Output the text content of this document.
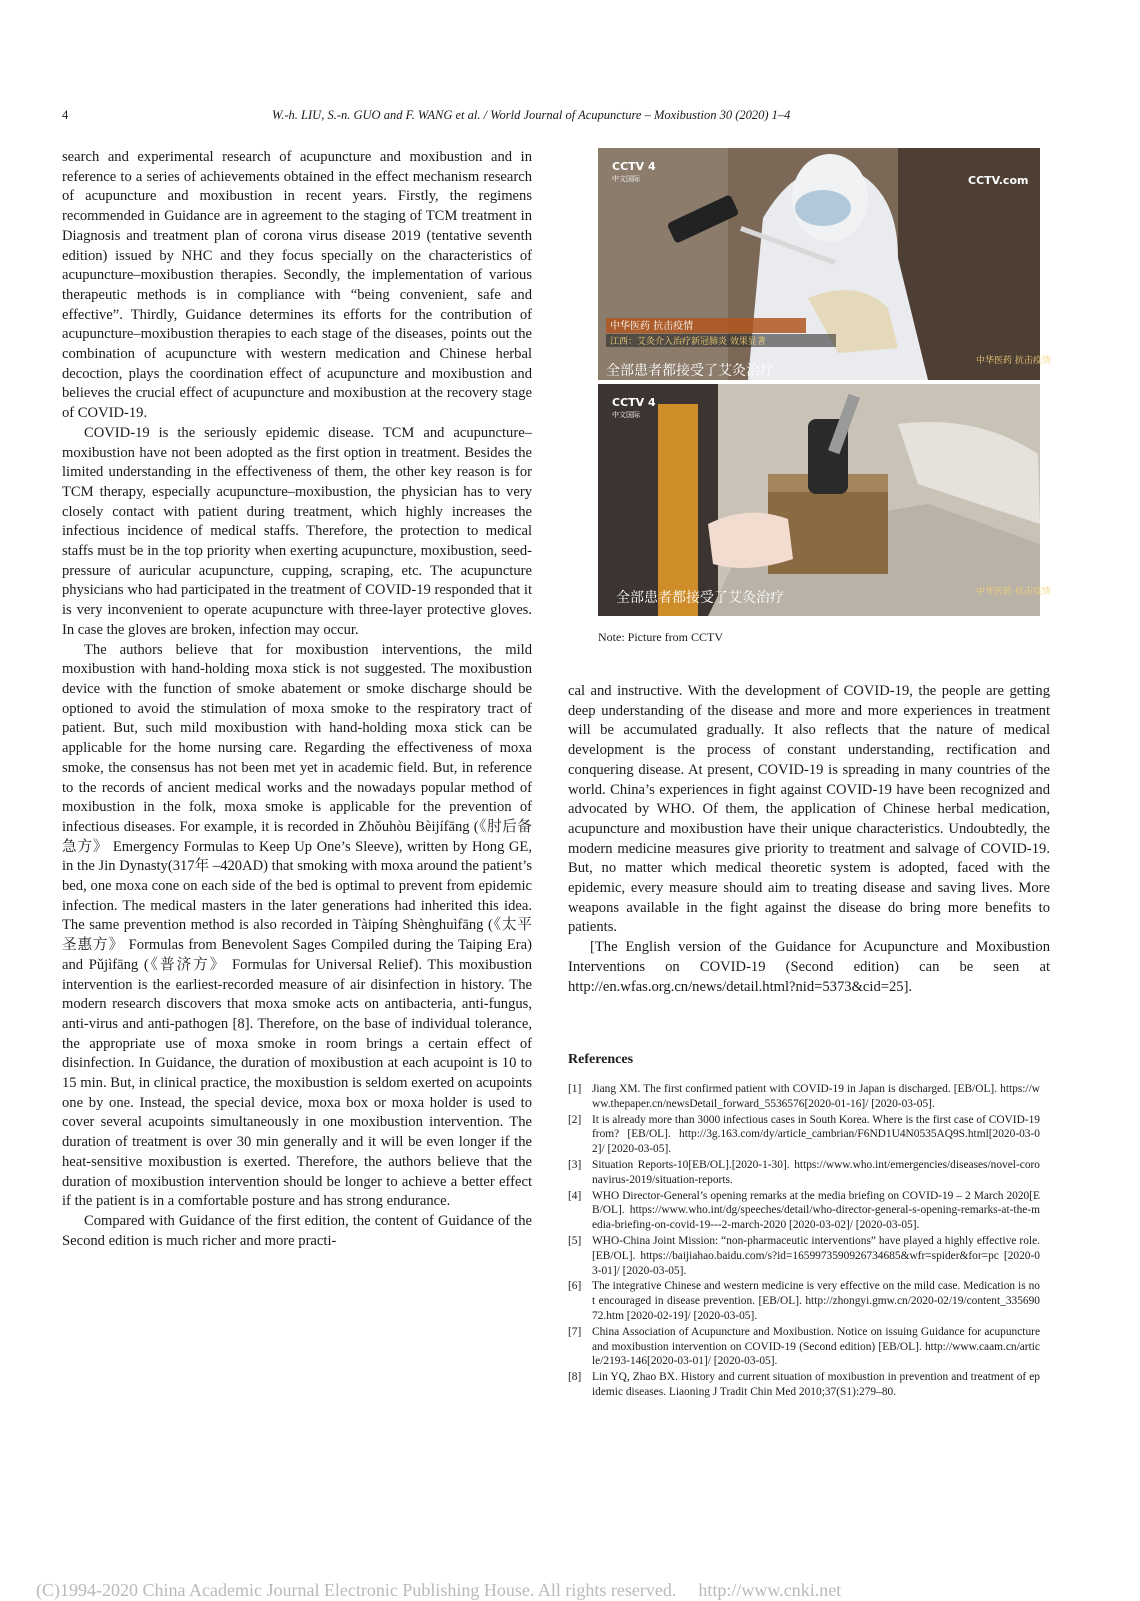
4	W.-h. LIU, S.-n. GUO and F. WANG et al. / World Journal of Acupuncture – Moxibustion 30 (2020) 1–4

search and experimental research of acupuncture and moxibustion and in reference to a series of achievements obtained in the effect mechanism research of acupuncture and moxibustion in recent years. Firstly, the regimens recommended in Guidance are in agreement to the staging of TCM treatment in Diagnosis and treatment plan of corona virus disease 2019 (tentative seventh edition) issued by NHC and they focus specially on the characteristics of acupuncture–moxibustion therapies. Secondly, the implementation of various therapeutic methods is in compliance with “being convenient, safe and effective”. Thirdly, Guidance determines its efforts for the contribution of acupuncture–moxibustion therapies to each stage of the diseases, points out the combination of acupuncture with western medication and Chinese herbal decoction, plays the coordination effect of acupuncture and moxibustion and believes the crucial effect of acupuncture and moxibustion at the recovery stage of COVID-19.

COVID-19 is the seriously epidemic disease. TCM and acupuncture–moxibustion have not been adopted as the first option in treatment. Besides the limited understanding in the effectiveness of them, the other key reason is for TCM therapy, especially acupuncture–moxibustion, the physician has to very closely contact with patient during treatment, which highly increases the infectious incidence of medical staffs. Therefore, the protection to medical staffs must be in the top priority when exerting acupuncture, moxibustion, seed-pressure of auricular acupuncture, cupping, scraping, etc. The acupuncture physicians who had participated in the treatment of COVID-19 responded that it is very inconvenient to operate acupuncture with three-layer protective gloves. In case the gloves are broken, infection may occur.

The authors believe that for moxibustion interventions, the mild moxibustion with hand-holding moxa stick is not suggested. The moxibustion device with the function of smoke abatement or smoke discharge should be optioned to avoid the stimulation of moxa smoke to the respiratory tract of patient. But, such mild moxibustion with hand-holding moxa stick can be applicable for the home nursing care. Regarding the effectiveness of moxa smoke, the consensus has not been met yet in academic field. But, in reference to the records of ancient medical works and the nowadays popular method of moxibustion in the folk, moxa smoke is applicable for the prevention of infectious diseases. For example, it is recorded in Zhǒuhòu Bèijífāng (《肘后备急方》 Emergency Formulas to Keep Up One’s Sleeve), written by Hong GE, in the Jin Dynasty(317年 –420AD) that smoking with moxa around the patient’s bed, one moxa cone on each side of the bed is optimal to prevent from epidemic infection. The medical masters in the later generations had inherited this idea. The same prevention method is also recorded in Tàipíng Shènghuìfāng (《太平圣惠方》 Formulas from Benevolent Sages Compiled during the Taiping Era) and Pǔjìfāng (《普济方》 Formulas for Universal Relief). This moxibustion intervention is the earliest-recorded measure of air disinfection in history. The modern research discovers that moxa smoke acts on antibacteria, anti-fungus, anti-virus and anti-pathogen [8]. Therefore, on the base of individual tolerance, the appropriate use of moxa smoke in room brings a certain effect of disinfection. In Guidance, the duration of moxibustion at each acupoint is 10 to 15 min. But, in clinical practice, the moxibustion is seldom exerted on acupoints one by one. Instead, the special device, moxa box or moxa holder is used to cover several acupoints simultaneously in one moxibustion intervention. The duration of treatment is over 30 min generally and it will be even longer if the heat-sensitive moxibustion is exerted. Therefore, the authors believe that the duration of moxibustion intervention should be longer to achieve a better effect if the patient is in a comfortable posture and has strong endurance.

Compared with Guidance of the first edition, the content of Guidance of the Second edition is much richer and more practi-

中华医药 抗击疫情
江西：艾灸介入治疗新冠肺炎 效果显著
全部患者都接受了艾灸治疗
CCTV 4
中文国际	CCTV.com
中华医药 抗击疫情
CCTV 4
中文国际
全部患者都接受了艾灸治疗	中华医药 抗击疫情
Note: Picture from CCTV

cal and instructive. With the development of COVID-19, the people are getting deep understanding of the disease and more and more experiences in treatment will be accumulated gradually. It also reflects that the nature of medical development is the process of constant understanding, rectification and conquering disease. At present, COVID-19 is spreading in many countries of the world. China’s experiences in fight against COVID-19 have been recognized and advocated by WHO. Of them, the application of Chinese herbal medication, acupuncture and moxibustion have their unique characteristics. Undoubtedly, the modern medicine measures give priority to treatment and salvage of COVID-19. But, no matter which medical theoretic system is adopted, faced with the epidemic, every measure should aim to treating disease and saving lives. More weapons available in the fight against the disease do bring more benefits to patients.

[The English version of the Guidance for Acupuncture and Moxibustion Interventions on COVID-19 (Second edition) can be seen at http://en.wfas.org.cn/news/detail.html?nid=5373&cid=25].

References
[1] Jiang XM. The first confirmed patient with COVID-19 in Japan is discharged. [EB/OL]. https://www.thepaper.cn/newsDetail_forward_5536576[2020-01-16]/ [2020-03-05].
[2] It is already more than 3000 infectious cases in South Korea. Where is the first case of COVID-19 from? [EB/OL]. http://3g.163.com/dy/article_cambrian/F6ND1U4N0535AQ9S.html[2020-03-02]/ [2020-03-05].
[3] Situation Reports-10[EB/OL].[2020-1-30]. https://www.who.int/emergencies/diseases/novel-coronavirus-2019/situation-reports.
[4] WHO Director-General’s opening remarks at the media briefing on COVID-19 – 2 March 2020[EB/OL]. https://www.who.int/dg/speeches/detail/who-director-general-s-opening-remarks-at-the-media-briefing-on-covid-19---2-march-2020 [2020-03-02]/ [2020-03-05].
[5] WHO-China Joint Mission: “non-pharmaceutic interventions” have played a highly effective role. [EB/OL]. https://baijiahao.baidu.com/s?id=1659973590926734685&wfr=spider&for=pc [2020-03-01]/ [2020-03-05].
[6] The integrative Chinese and western medicine is very effective on the mild case. Medication is not encouraged in disease prevention. [EB/OL]. http://zhongyi.gmw.cn/2020-02/19/content_33569072.htm [2020-02-19]/ [2020-03-05].
[7] China Association of Acupuncture and Moxibustion. Notice on issuing Guidance for acupuncture and moxibustion intervention on COVID-19 (Second edition) [EB/OL]. http://www.caam.cn/article/2193-146[2020-03-01]/ [2020-03-05].
[8] Lin YQ, Zhao BX. History and current situation of moxibustion in prevention and treatment of epidemic diseases. Liaoning J Tradit Chin Med 2010;37(S1):279–80.
(C)1994-2020 China Academic Journal Electronic Publishing House. All rights reserved. http://www.cnki.net
